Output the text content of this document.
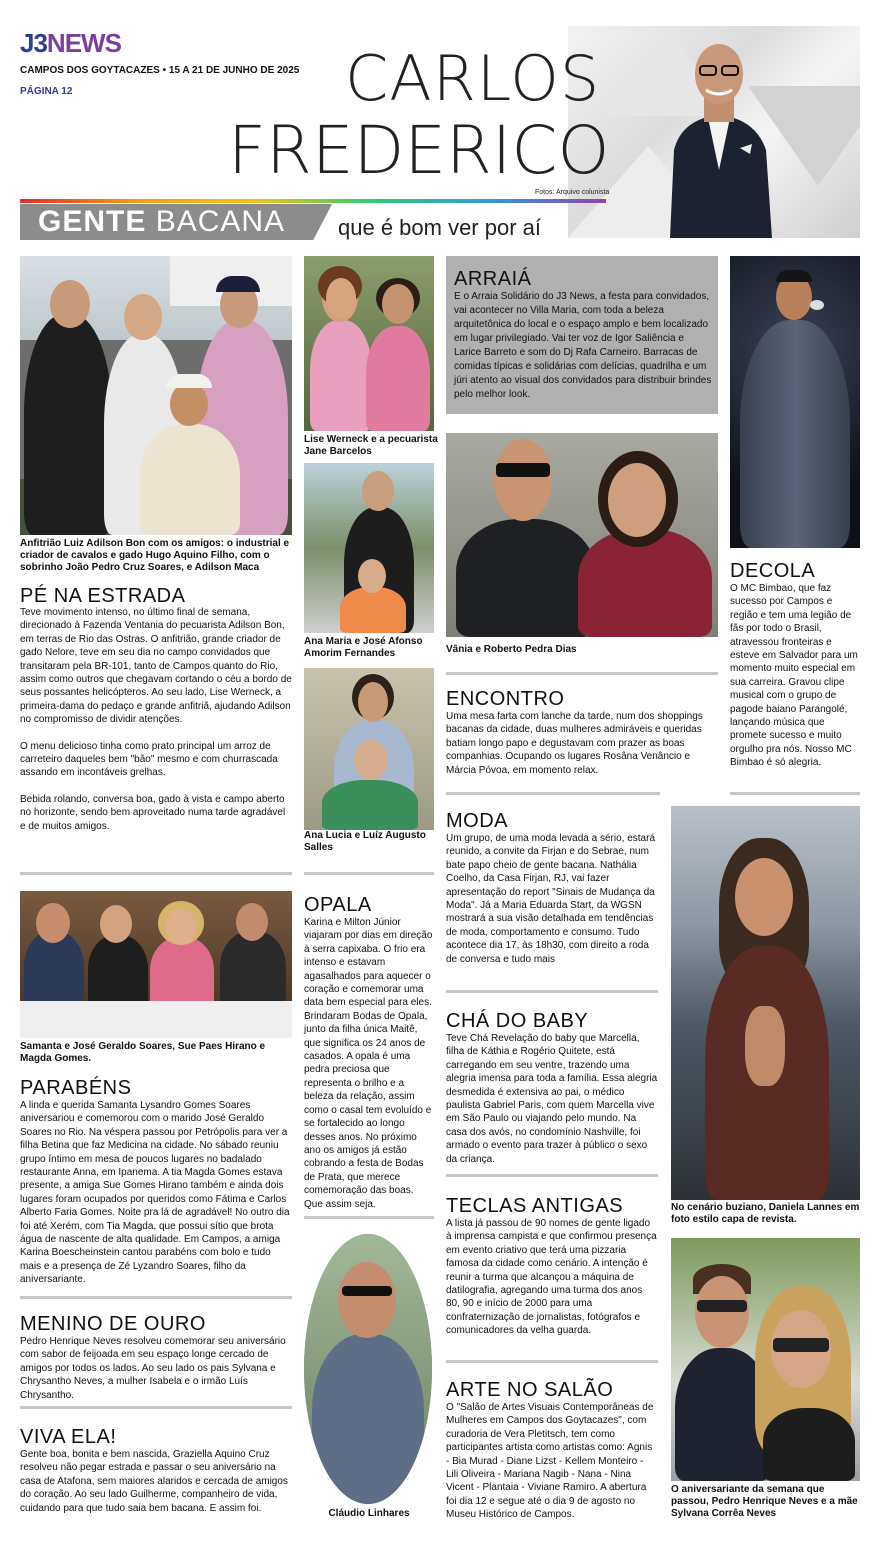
J3NEWS
CAMPOS DOS GOYTACAZES • 15 A 21 DE JUNHO DE 2025
PÁGINA 12	CARLOS
FREDERICO
Fotos: Arquivo colunista
GENTE BACANA que é bom ver por aí
Anfitrião Luiz Adilson Bon com os amigos: o industrial e criador de cavalos e gado Hugo Aquino Filho, com o sobrinho João Pedro Cruz Soares, e Adilson Maca
PÉ NA ESTRADA

Teve movimento intenso, no último final de semana, direcionado à Fazenda Ventania do pecuarista Adilson Bon, em terras de Rio das Ostras. O anfitrião, grande criador de gado Nelore, teve em seu dia no campo convidados que transitaram pela BR-101, tanto de Campos quanto do Rio, assim como outros que chegavam cortando o céu a bordo de seus possantes helicópteros. Ao seu lado, Lise Werneck, a primeira-dama do pedaço e grande anfitriã, ajudando Adilson no compromisso de dividir atenções.

O menu delicioso tinha como prato principal um arroz de carreteiro daqueles bem "bão" mesmo e com churrascada assando em incontáveis grelhas.

Bebida rolando, conversa boa, gado à vista e campo aberto no horizonte, sendo bem aproveitado numa tarde agradável e de muitos amigos.

Lise Werneck e a pecuarista Jane Barcelos
Ana Maria e José Afonso Amorim Fernandes
Ana Lucia e Luíz Augusto Salles
ARRAIÁ
E o Arraia Solidário do J3 News, a festa para convidados, vai acontecer no Villa Maria, com toda a beleza arquitetônica do local e o espaço amplo e bem localizado em lugar privilegiado. Vai ter voz de Igor Saliência e Larice Barreto e som do Dj Rafa Carneiro. Barracas de comidas típicas e solidárias com delícias, quadrilha e um júri atento ao visual dos convidados para distribuir brindes pelo melhor look.
Vânia e Roberto Pedra Dias
ENCONTRO
Uma mesa farta com lanche da tarde, num dos shoppings bacanas da cidade, duas mulheres admiráveis e queridas batiam longo papo e degustavam com prazer as boas companhias. Ocupando os lugares Rosâna Venâncio e Márcia Póvoa, em momento relax.
DECOLA
O MC Bimbao, que faz sucesso por Campos e região e tem uma legião de fãs por todo o Brasil, atravessou fronteiras e esteve em Salvador para um momento muito especial em sua carreira. Gravou clipe musical com o grupo de pagode baiano Parangolé, lançando música que promete sucesso e muito orgulho pra nós. Nosso MC Bimbao é só alegria.
MODA
Um grupo, de uma moda levada a sério, estará reunido, a convite da Firjan e do Sebrae, num bate papo cheio de gente bacana. Nathália Coelho, da Casa Firjan, RJ, vai fazer apresentação do report "Sinais de Mudança da Moda". Já a Maria Eduarda Start, da WGSN mostrará a sua visão detalhada em tendências de moda, comportamento e consumo. Tudo acontece dia 17, às 18h30, com direito a roda de conversa e tudo mais
No cenário buziano, Daniela Lannes em foto estilo capa de revista.
Samanta e José Geraldo Soares, Sue Paes Hirano e Magda Gomes.
PARABÉNS
A linda e querida Samanta Lysandro Gomes Soares aniversariou e comemorou com o marido José Geraldo Soares no Rio. Na véspera passou por Petrópolis para ver a filha Betina que faz Medicina na cidade. No sábado reuniu grupo íntimo em mesa de poucos lugares no badalado restaurante Anna, em Ipanema. A tia Magda Gomes estava presente, a amiga Sue Gomes Hirano também e ainda dois lugares foram ocupados por queridos como Fátima e Carlos Alberto Faria Gomes. Noite pra lá de agradável! No outro dia foi até Xerém, com Tia Magda, que possui sítio que brota água de nascente de alta qualidade. Em Campos, a amiga Karina Boescheinstein cantou parabéns com bolo e tudo mais e a presença de Zé Lyzandro Soares, filho da aniversariante.
MENINO DE OURO
Pedro Henrique Neves resolveu comemorar seu aniversário com sabor de feijoada em seu espaço longe cercado de amigos por todos os lados. Ao seu lado os pais Sylvana e Chrysantho Neves, a mulher Isabela e o irmão Luís Chrysantho.
VIVA ELA!
Gente boa, bonita e bem nascida, Graziella Aquino Cruz resolveu não pegar estrada e passar o seu aniversário na casa de Atafona, sem maiores alaridos e cercada de amigos do coração. Ao seu lado Guilherme, companheiro de vida, cuidando para que tudo saia bem bacana. E assim foi.
OPALA
Karina e Milton Júnior viajaram por dias em direção à serra capixaba. O frio era intenso e estavam agasalhados para aquecer o coração e comemorar uma data bem especial para eles. Brindaram Bodas de Opala, junto da filha única Maitê, que significa os 24 anos de casados. A opala é uma pedra preciosa que representa o brilho e a beleza da relação, assim como o casal tem evoluído e se fortalecido ao longo desses anos. No próximo ano os amigos já estão cobrando a festa de Bodas de Prata, que merece comemoração das boas. Que assim seja.
Cláudio Linhares
CHÁ DO BABY
Teve Chá Revelação do baby que Marcella, filha de Káthia e Rogério Quitete, está carregando em seu ventre, trazendo uma alegria imensa para toda a família. Essa alegria desmedida é extensiva ao pai, o médico paulista Gabriel Paris, com quem Marcella vive em São Paulo ou viajando pelo mundo. Na casa dos avós, no condomínio Nashville, foi armado o evento para trazer à público o sexo da criança.
TECLAS ANTIGAS
A lista já passou de 90 nomes de gente ligado à imprensa campista e que confirmou presença em evento criativo que terá uma pizzaria famosa da cidade como cenário. A intenção é reunir a turma que alcançou a máquina de datilografia, agregando uma turma dos anos 80, 90 e início de 2000 para uma confraternização de jornalistas, fotógrafos e comunicadores da velha guarda.
ARTE NO SALÃO
O "Salão de Artes Visuais Contemporâneas de Mulheres em Campos dos Goytacazes", com curadoria de Vera Pletitsch, tem como participantes artista como artistas como: Agnis - Bia Murad - Diane Lizst - Kellem Monteiro - Lili Oliveira - Mariana Nagib - Nana - Nina Vicent - Plantaia - Viviane Ramiro. A abertura foi dia 12 e segue até o dia 9 de agosto no Museu Histórico de Campos.
O aniversariante da semana que passou, Pedro Henrique Neves e a mãe Sylvana Corrêa Neves
